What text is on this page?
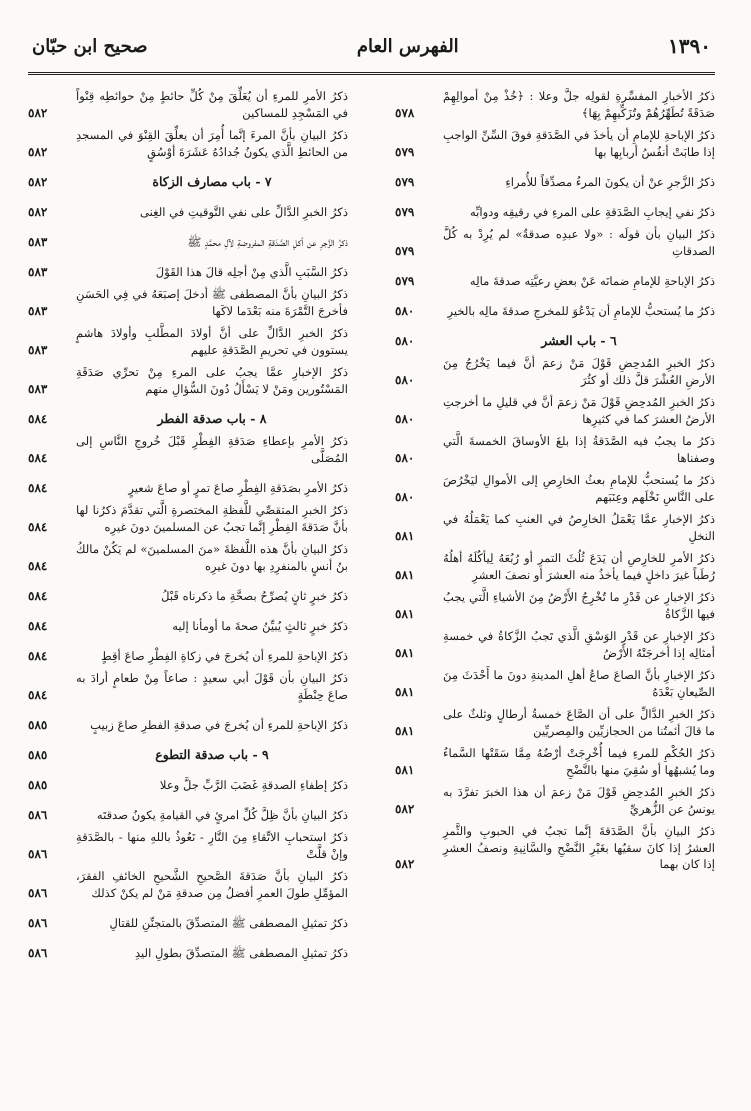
١٣٩٠
الفهرس العام
صحيح ابن حبّان
ذكرُ الأخبارِ المفسِّرةِ لقولِه جلَّ وعلا : ﴿خُذْ مِنْ أموالِهِمْ صَدَقَةً تُطَهِّرُهُمْ وتُزَكِّيهِمْ بِهَا﴾
٥٧٨
ذكرُ الإباحةِ للإمامِ أن يأخذَ في الصَّدَقةِ فوقَ السِّنِّ الواجبِ إذا طابَتْ أنفُسُ أربابِها بها
٥٧٩
ذكرُ الزَّجرِ عنْ أن يكونَ المرءُ مصدِّقاً للأُمراءِ
٥٧٩
ذكرُ نفي إيجابِ الصَّدَقةِ على المرءِ في رقيقِه ودوابِّه
٥٧٩
ذكرُ البيانِ بأن قولَه : «ولا عبدِه صدقةٌ» لم يُرِدْ به كُلَّ الصدقاتِ
٥٧٩
ذكرُ الإباحةِ للإمامِ ضمانَه عَنْ بعضِ رعيَّتِه صدقةَ مالِه
٥٧٩
ذكرُ ما يُستحبُّ للإمامِ أن يَدْعُوَ للمخرجِ صدقةَ مالِه بالخيرِ
٥٨٠
٦ - باب العشر
٥٨٠
ذكرُ الخبرِ المُدحِضِ قَوْلَ مَنْ زعمَ أنَّ فيما يَخْرُجُ مِنَ الأرضِ العُشْرَ قلَّ ذلك أو كثُرَ
٥٨٠
ذكرُ الخبرِ المُدحِضِ قَوْلَ مَنْ زعمَ أنَّ في قليلِ ما أخرجتِ الأرضُ العشرَ كما في كثيرِها
٥٨٠
ذكرُ ما يجبُ فيه الصَّدَقةُ إذا بلغَ الأوساقَ الخمسةَ الَّتي وصفناها
٥٨٠
ذكرُ ما يُستحبُّ للإمامِ بعثُ الخارِصِ إلى الأموالِ ليَخْرُصَ على النَّاسِ نَخْلَهم وعِنَبَهم
٥٨٠
ذكرُ الإخبارِ عمَّا يَعْمَلُ الخارِصُ في العنبِ كما يَعْمَلُهُ في النخلِ
٥٨١
ذكرُ الأمرِ للخارِصِ أن يَدَعَ ثُلُثَ التمرِ أو رُبُعَهُ لِيأكُلَهُ أهلُهُ رُطَباً غيرَ داخلٍ فيما يأخذُ منه العشرَ أو نصفَ العشرِ
٥٨١
ذكرُ الإخبارِ عن قَدْرِ ما تُخْرِجُ الأَرْضُ مِنَ الأشياءِ الَّتي يجبُ فيها الزَّكاةُ
٥٨١
ذكرُ الإخبارِ عن قَدْرِ الوَسْقِ الَّذي تَجبُ الزَّكاةُ في خمسةِ أمثالِه إذا أخرجَتْهُ الأَرْضُ
٥٨١
ذكرُ الإخبارِ بأنَّ الصاعَ صاعُ أهلِ المدينةِ دونَ ما أَحْدَثَ مِنَ الصِّيعانِ بَعْدَهُ
٥٨١
ذكرُ الخبرِ الدَّالِّ على أن الصَّاعَ خمسةُ أرطالٍ وثلثٌ على ما قالَ أئمتُنا من الحجازيِّين والمِصريِّين
٥٨١
ذكرُ الحُكْمِ للمرءِ فيما أُخْرِجَتْ أرْضُهُ مِمَّا سَقَتْها السَّماءُ وما يُشبهُها أو سُقِيَ منها بالنَّضْحِ
٥٨١
ذكرُ الخبرِ المُدحِضِ قَوْلَ مَنْ زعمَ أن هذا الخبرَ تفرَّدَ به يونسُ عن الزُّهريِّ
٥٨٢
ذكرُ البيانِ بأنَّ الصَّدَقةَ إنَّما تجبُ في الحبوبِ والثَّمرِ العشرُ إذا كانَ سقيُها بغَيْرِ النَّضْحِ والسَّانِيةِ ونصفُ العشرِ إذا كان بهما
٥٨٢
ذكرُ الأمرِ للمرءِ أن يُعَلِّقَ مِنْ كُلِّ حائطٍ مِنْ حوائطِه قِنْواً في المَسْجِدِ للمساكين
٥٨٢
ذكرُ البيانِ بأنَّ المرءَ إنَّما أُمِرَ أن يعلِّقَ القِنْوَ في المسجدِ من الحائطِ الَّذي يكونُ جُدادُهُ عَشَرَةَ أوْسُقٍ
٥٨٢
٧ - باب مصارف الزكاة
٥٨٢
ذكرُ الخبرِ الدَّالِّ على نفي التَّوقيتِ في الغِنى
٥٨٢
ذكرُ الزَّجرِ عن أكلِ الصَّدَقةِ المفروضةِ لآلِ محمَّدٍ ﷺ
٥٨٣
ذكرُ السَّبَبِ الَّذي مِنْ أجلِه قالَ هذا القَوْلَ
٥٨٣
ذكرُ البيانِ بأنَّ المصطفى ﷺ أدخلَ إصبَعَهُ في فِي الحَسَنِ فأخرجَ التَّمْرَةَ منه بَعْدَما لاكَها
٥٨٣
ذكرُ الخبرِ الدَّالِّ على أنَّ أولادَ المطَّلبِ وأولادَ هاشمٍ يستوون في تحريمِ الصَّدَقةِ عليهم
٥٨٣
ذكرُ الإخبارِ عمَّا يجبُ على المرءِ مِنْ تحرِّي صَدَقَةِ المَسْتُورين ومَنْ لا يَسْأَلُ دُونَ السُّؤالِ منهم
٥٨٣
٨ - باب صدقة الفطر
٥٨٤
ذكرُ الأمرِ بإعطاءِ صَدَقةِ الفِطْرِ قَبْلَ خُروجِ النَّاسِ إلى المُصَلَّى
٥٨٤
ذكرُ الأمرِ بصَدَقةِ الفِطْرِ صاعَ تمرٍ أو صاعَ شعيرٍ
٥٨٤
ذكرُ الخبرِ المتقصِّي للَّفظةِ المختصرةِ الَّتي تقدَّمَ ذكرُنا لها بأنَّ صَدَقةَ الفِطْرِ إنَّما تجبُ عن المسلمينَ دونَ غيرِه
٥٨٤
ذكرُ البيانِ بأنَّ هذه اللَّفظةَ «منَ المسلمينَ» لم يَكُنْ مالكُ بنُ أنسٍ بالمنفرِدِ بها دونَ غيرِه
٥٨٤
ذكرُ خبرٍ ثانٍ يُصرِّحُ بصحَّةِ ما ذكرناه قَبْلُ
٥٨٤
ذكرُ خبرٍ ثالثٍ يُبيِّنُ صحةَ ما أومأنا إليه
٥٨٤
ذكرُ الإباحةِ للمرءِ أن يُخرجَ في زكاةِ الفِطْرِ صاعَ أقِطٍ
٥٨٤
ذكرُ البيانِ بأن قَوْلَ أبي سعيدٍ : صاعاً مِنْ طعامٍ أرادَ به صاعَ حِنْطَةٍ
٥٨٤
ذكرُ الإباحةِ للمرءِ أن يُخرجَ في صدقةِ الفطرِ صاعَ زبيبٍ
٥٨٥
٩ - باب صدقة التطوع
٥٨٥
ذكرُ إطفاءِ الصدقةِ غَضَبَ الرَّبِّ جلَّ وعلا
٥٨٥
ذكرُ البيانِ بأنَّ ظِلَّ كُلِّ امرئٍ في القيامةِ يكونُ صدقتَه
٥٨٦
ذكرُ استحبابِ الاتِّقاءِ مِنَ النَّارِ - نَعُوذُ باللهِ منها - بالصَّدَقةِ وإنْ قلَّتْ
٥٨٦
ذكرُ البيانِ بأنَّ صَدَقةَ الصَّحيحِ الشَّحيحِ الخائفِ الفقرَ، المؤمِّلِ طولَ العمرِ أفضلُ مِن صدقةِ مَنْ لم يكنْ كذلك
٥٨٦
ذكرُ تمثيلِ المصطفى ﷺ المتصدِّقَ بالمتجنِّنِ للقتالِ
٥٨٦
ذكرُ تمثيلِ المصطفى ﷺ المتصدِّقَ بطولِ اليدِ
٥٨٦
